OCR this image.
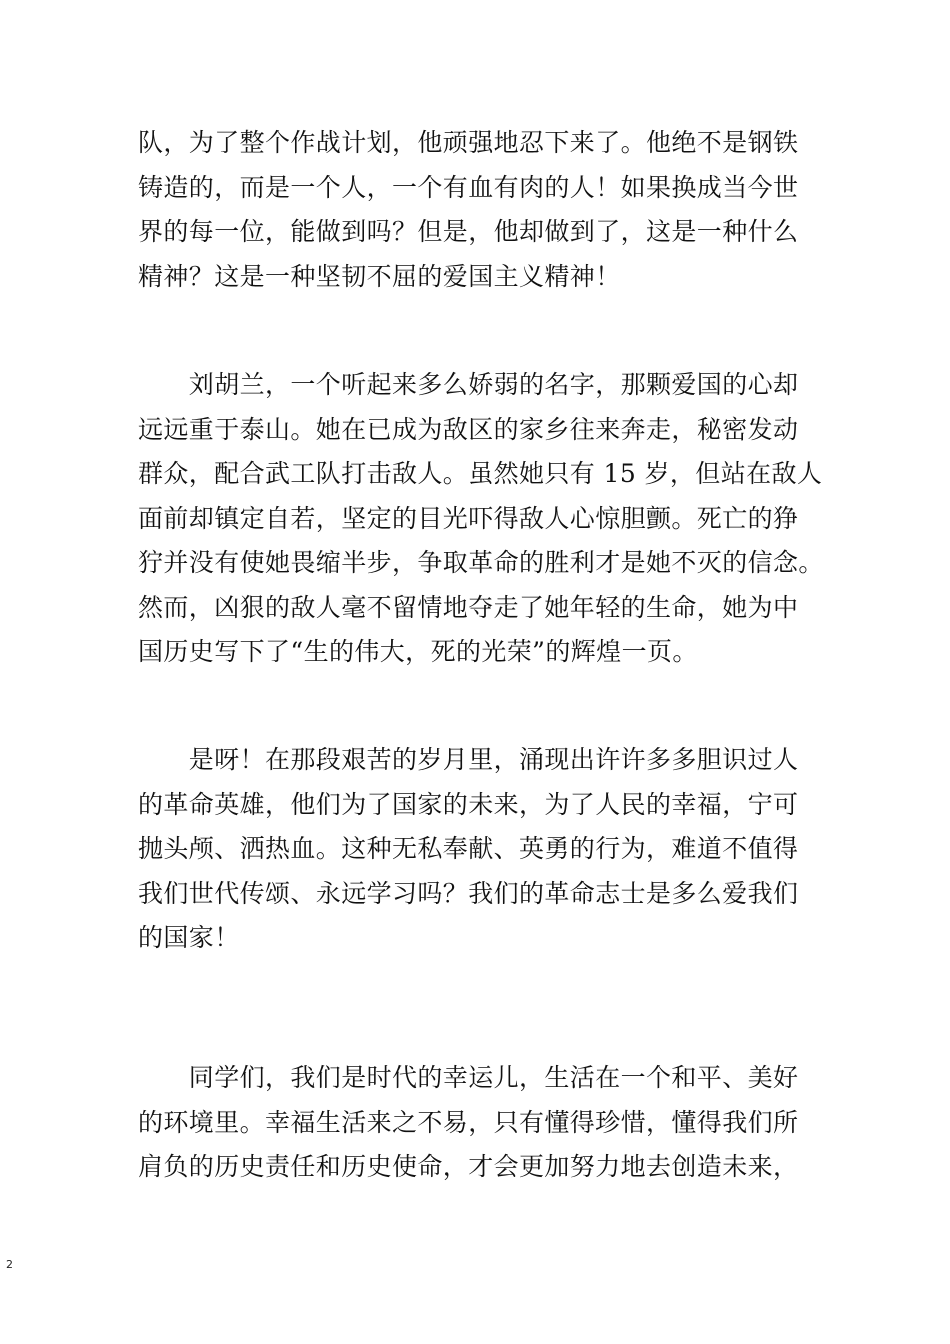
队，为了整个作战计划，他顽强地忍下来了。他绝不是钢铁
铸造的，而是一个人，一个有血有肉的人！如果换成当今世
界的每一位，能做到吗？但是，他却做到了，这是一种什么
精神？这是一种坚韧不屈的爱国主义精神！

　　刘胡兰，一个听起来多么娇弱的名字，那颗爱国的心却
远远重于泰山。她在已成为敌区的家乡往来奔走，秘密发动
群众，配合武工队打击敌人。虽然她只有 15 岁，但站在敌人
面前却镇定自若，坚定的目光吓得敌人心惊胆颤。死亡的狰
狞并没有使她畏缩半步，争取革命的胜利才是她不灭的信念。
然而，凶狠的敌人毫不留情地夺走了她年轻的生命，她为中
国历史写下了“生的伟大，死的光荣”的辉煌一页。

　　是呀！在那段艰苦的岁月里，涌现出许许多多胆识过人
的革命英雄，他们为了国家的未来，为了人民的幸福，宁可
抛头颅、洒热血。这种无私奉献、英勇的行为，难道不值得
我们世代传颂、永远学习吗？我们的革命志士是多么爱我们
的国家！

　　同学们，我们是时代的幸运儿，生活在一个和平、美好
的环境里。幸福生活来之不易，只有懂得珍惜，懂得我们所
肩负的历史责任和历史使命，才会更加努力地去创造未来，

2
